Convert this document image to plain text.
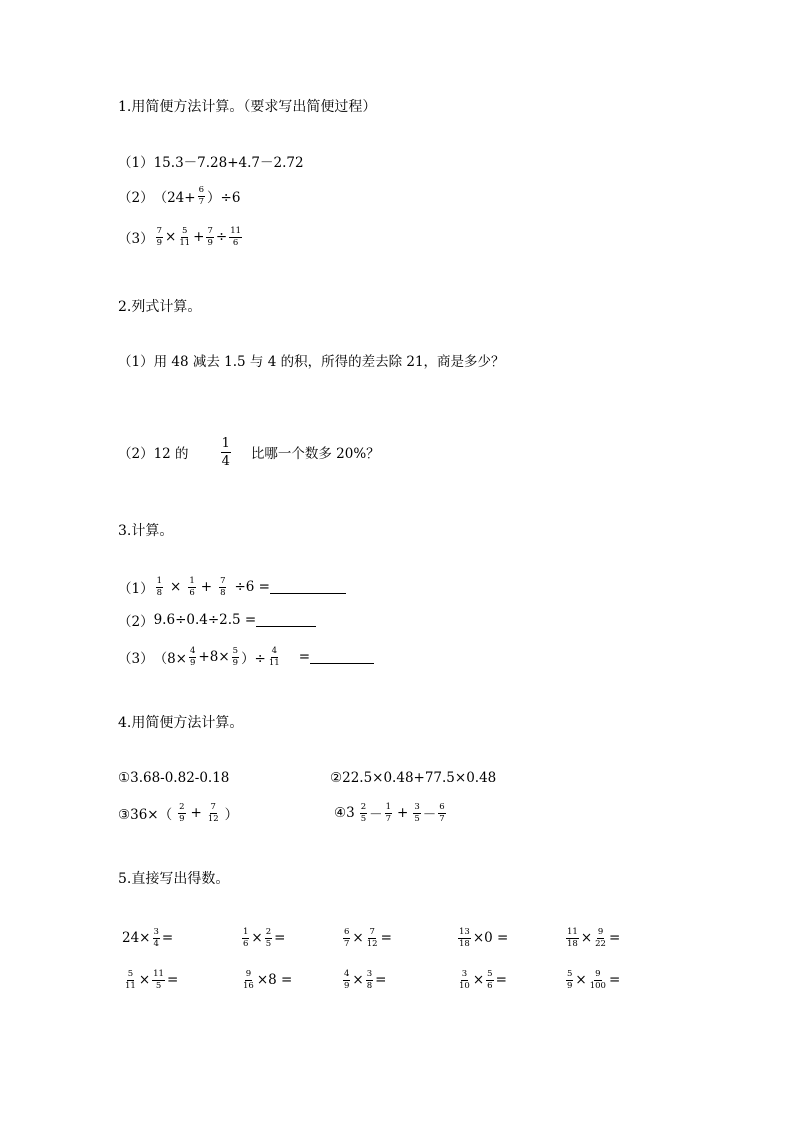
1.用简便方法计算。（要求写出简便过程）
（1） 15.3－7.28+4.7－2.72
（2） $(24+ \frac{6}{7} )\div 6$
$(3) \frac{7}{9} \times \frac{5}{11} + \frac{7}{9} \div \frac{11}{6}$
2.列式计算。
（1）用 48 减去 1.5 与 4 的积，所得的差去除 21，商是多少？
（2）12 的 $\frac{1}{4}$ 比哪一个数多 20%？
3.计算。
$(1) \frac{1}{8} \times \frac{1}{6} + \frac{7}{8} \div 6$ =
（2） 9.6÷0.4÷2.5 =
（3） （$8\times \frac{4}{9} +8\times \frac{5}{9}$ ）÷ $\frac{4}{11}$ =
4.用简便方法计算。
①3.68-0.82-0.18	②22.5×0.48+77.5×0.48
③36×（ $\frac{2}{9} + \frac{7}{12}$ ）	④3 $\frac{2}{5} - \frac{1}{7} + \frac{3}{5} - \frac{6}{7}$
5.直接写出得数。
$24\times \frac{3}{4}$ =	$\frac{1}{6} \times \frac{2}{5}$ =	$\frac{6}{7} \times \frac{7}{12}$ =	$\frac{13}{18} \times 0$ =	$\frac{11}{18} \times \frac{9}{22}$ =
$\frac{5}{11} \times \frac{11}{5}$ =	$\frac{9}{16} \times 8$ =	$\frac{4}{9} \times \frac{3}{8}$ =	$\frac{3}{10} \times \frac{5}{6}$ =	$\frac{5}{9} \times \frac{9}{100}$ =
